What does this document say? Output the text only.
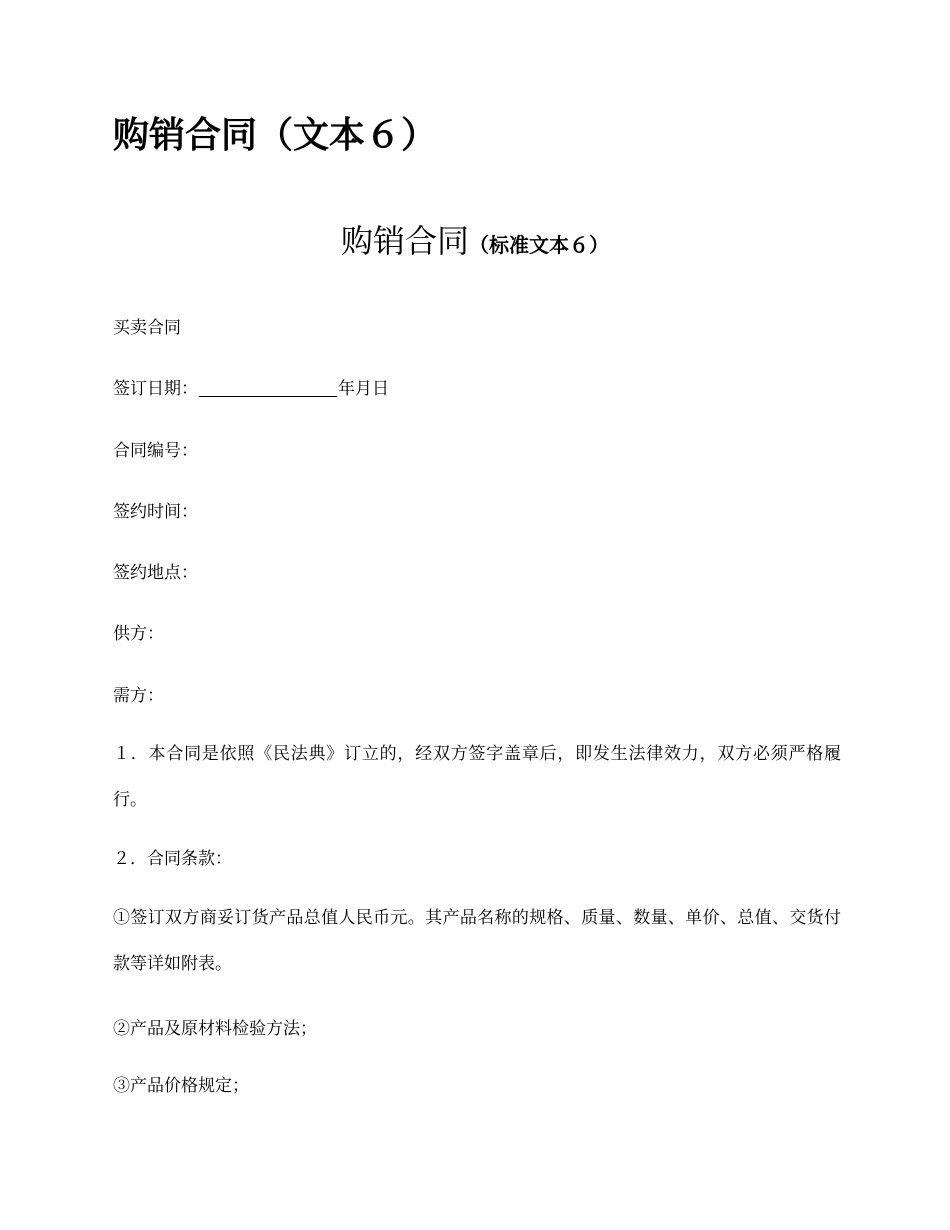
购销合同（文本６）
购销合同（标准文本６）

买卖合同

签订日期：	年月日

合同编号：

签约时间：

签约地点：

供方：

需方：

１．本合同是依照《民法典》订立的，经双方签字盖章后，即发生法律效力，双方必须严格履行。

２．合同条款：

①签订双方商妥订货产品总值人民币元。其产品名称的规格、质量、数量、单价、总值、交货付款等详如附表。

②产品及原材料检验方法；

③产品价格规定；
